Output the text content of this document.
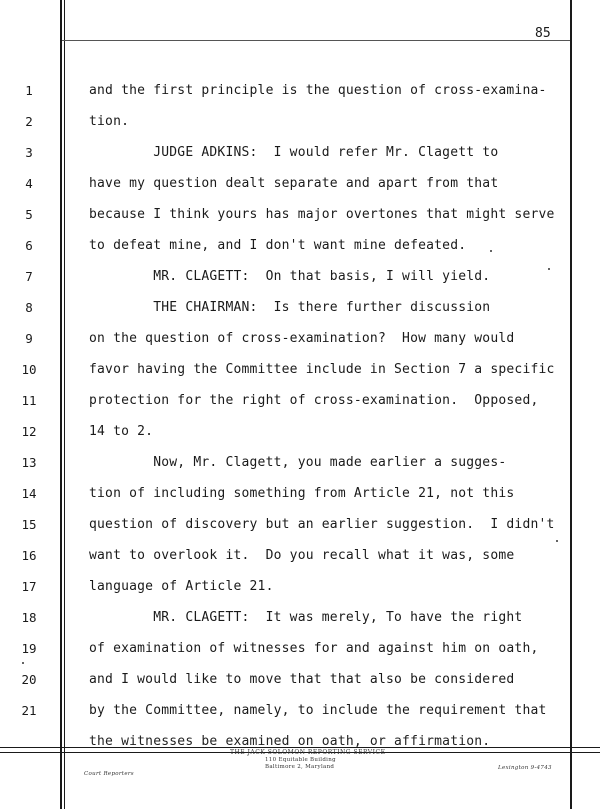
85
1	and the first principle is the question of cross-examina-
2	tion.
3	JUDGE ADKINS:  I would refer Mr. Clagett to
4	have my question dealt separate and apart from that
5	because I think yours has major overtones that might serve
6	to defeat mine, and I don't want mine defeated.
7	MR. CLAGETT:  On that basis, I will yield.
8	THE CHAIRMAN:  Is there further discussion
9	on the question of cross-examination?  How many would
10	favor having the Committee include in Section 7 a specific
11	protection for the right of cross-examination.  Opposed,
12	14 to 2.
13	Now, Mr. Clagett, you made earlier a sugges-
14	tion of including something from Article 21, not this
15	question of discovery but an earlier suggestion.  I didn't
16	want to overlook it.  Do you recall what it was, some
17	language of Article 21.
18	MR. CLAGETT:  It was merely, To have the right
19	of examination of witnesses for and against him on oath,
20	and I would like to move that that also be considered
21	by the Committee, namely, to include the requirement that
the witnesses be examined on oath, or affirmation.
THE JACK SOLOMON REPORTING SERVICE
110 Equitable Building
Baltimore 2, Maryland
Court Reporters
Lexington 9-4743
